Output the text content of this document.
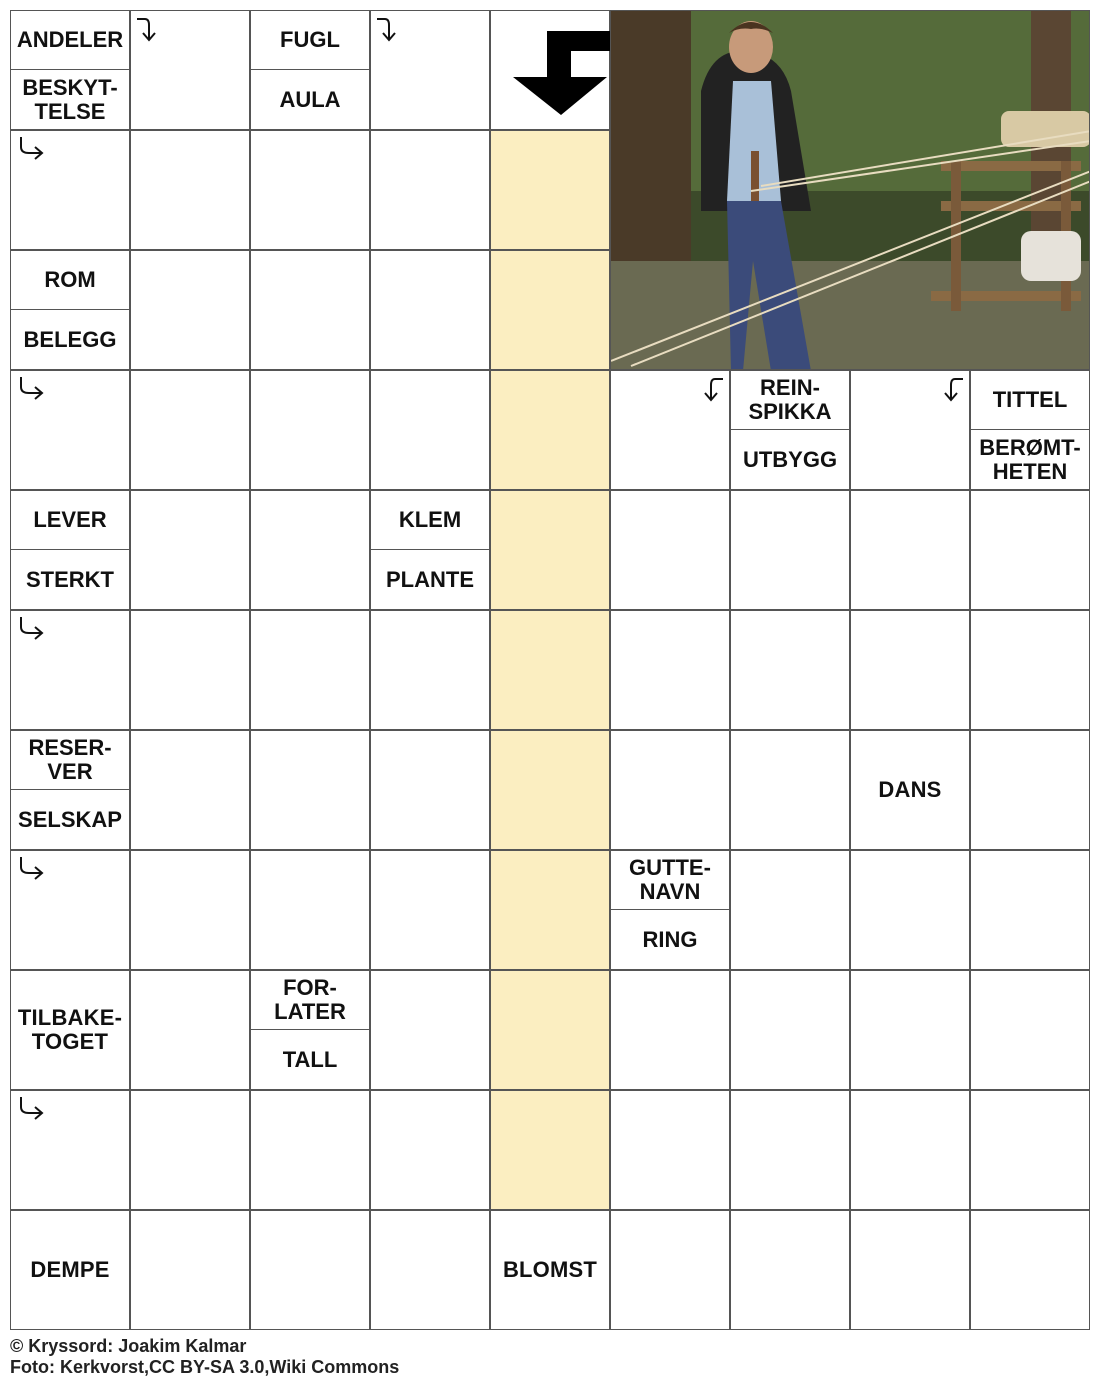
ANDELER
BESKYT-
TELSE
FUGL
AULA
ROM
BELEGG
REIN-
SPIKKA
UTBYGG
TITTEL
BERØMT-
HETEN
LEVER
STERKT
KLEM
PLANTE
RESER-
VER
SELSKAP
DANS
GUTTE-
NAVN
RING
TILBAKE-
TOGET
FOR-
LATER
TALL
DEMPE	BLOMST
© Kryssord: Joakim Kalmar
Foto: Kerkvorst,CC BY-SA 3.0,Wiki Commons
